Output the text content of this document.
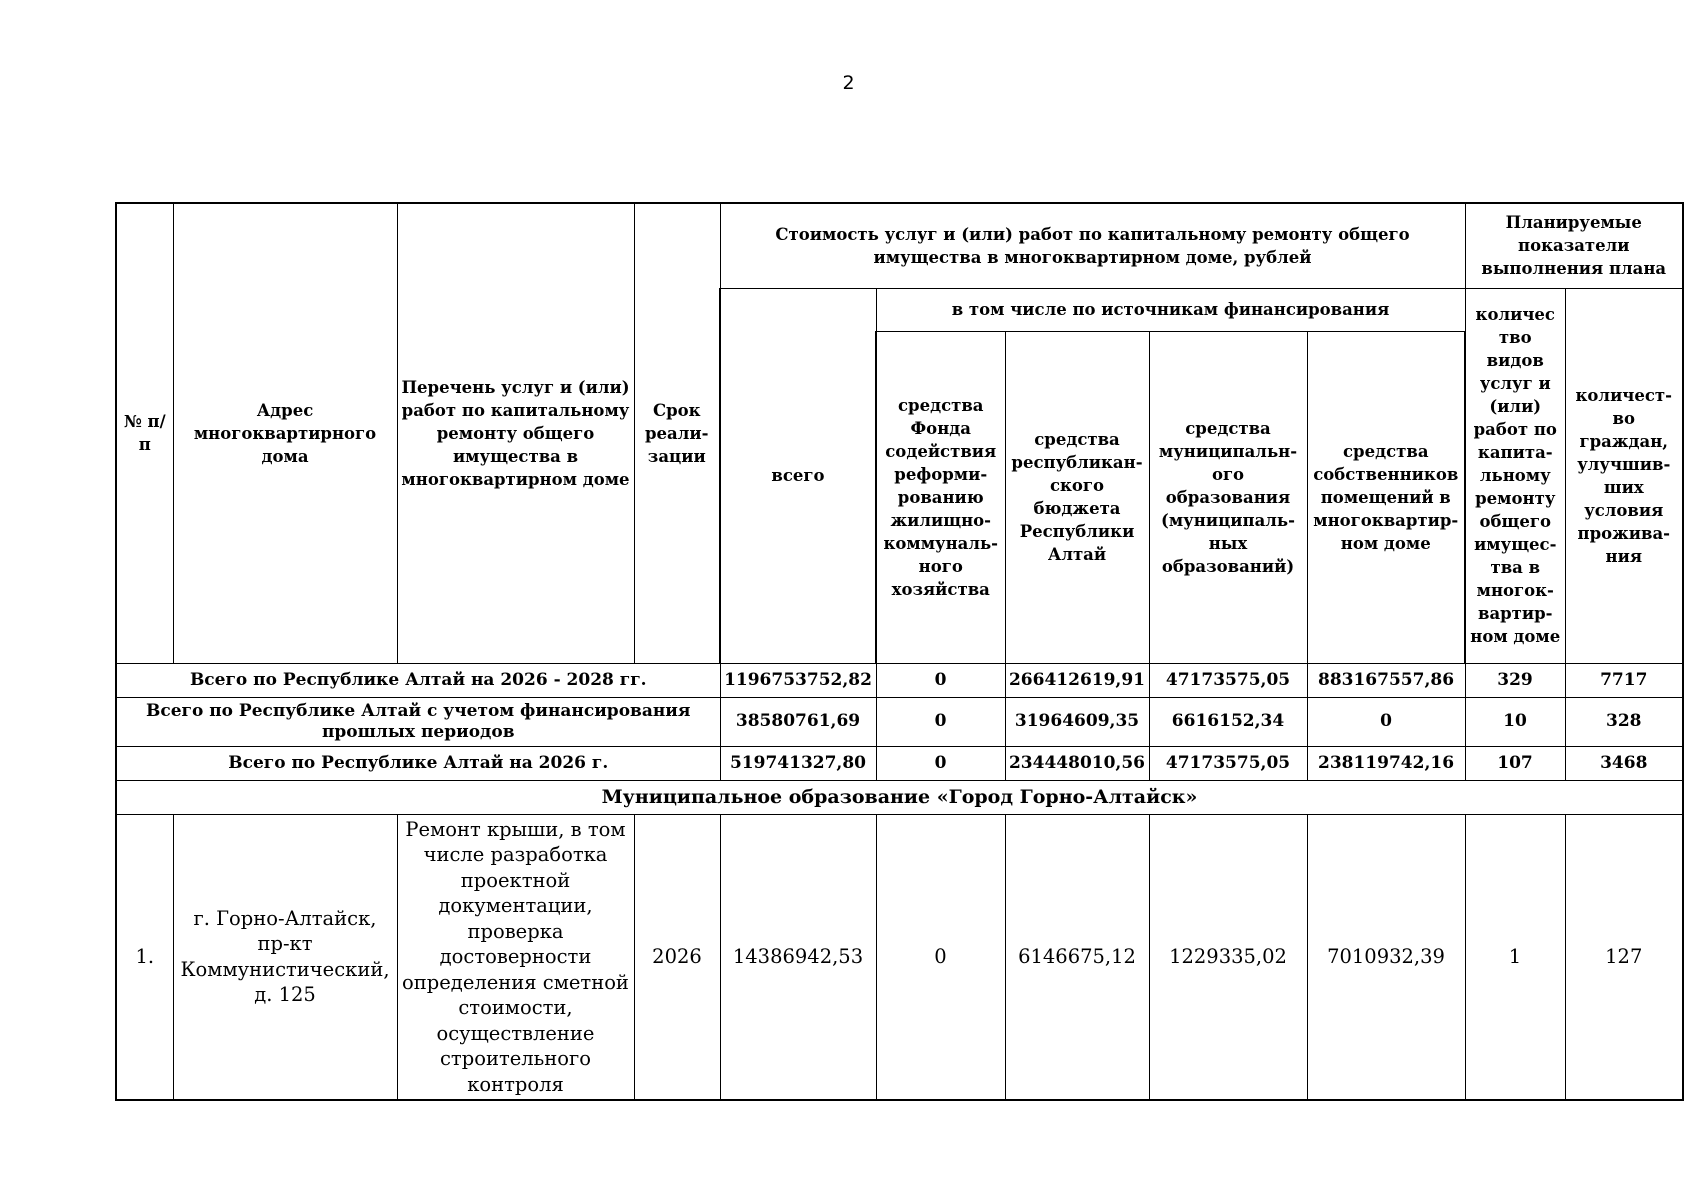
2
№ п/п	Адрес многоквартирного дома	Перечень услуг и (или) работ по капитальному ремонту общего имущества в многоквартирном доме	Срок реали-зации	Стоимость услуг и (или) работ по капитальному ремонту общего имущества в многоквартирном доме, рублей					Планируемые показатели выполнения плана	
				всего	в том числе по источникам финансирования				количес тво видов услуг и (или) работ по капита-льному ремонту общего имущес-тва в многок-вартир-ном доме	количест-во граждан, улучшив-ших условия прожива-ния
					средства Фонда содействия реформи-рованию жилищно-коммуналь-ного хозяйства	средства республикан-ского бюджета Республики Алтай	средства муниципальн-ого образования (муниципаль-ных образований)	средства собственников помещений в многоквартир-ном доме		
Всего по Республике Алтай на 2026 - 2028 гг.				1196753752,82	0	266412619,91	47173575,05	883167557,86	329	7717
Всего по Республике Алтай с учетом финансирования прошлых периодов				38580761,69	0	31964609,35	6616152,34	0	10	328
Всего по Республике Алтай на 2026 г.				519741327,80	0	234448010,56	47173575,05	238119742,16	107	3468
Муниципальное образование «Город Горно-Алтайск»										
1.	г. Горно-Алтайск, пр-кт Коммунистический, д. 125	Ремонт крыши, в том числе разработка проектной документации, проверка достоверности определения сметной стоимости, осуществление строительного контроля	2026	14386942,53	0	6146675,12	1229335,02	7010932,39	1	127
